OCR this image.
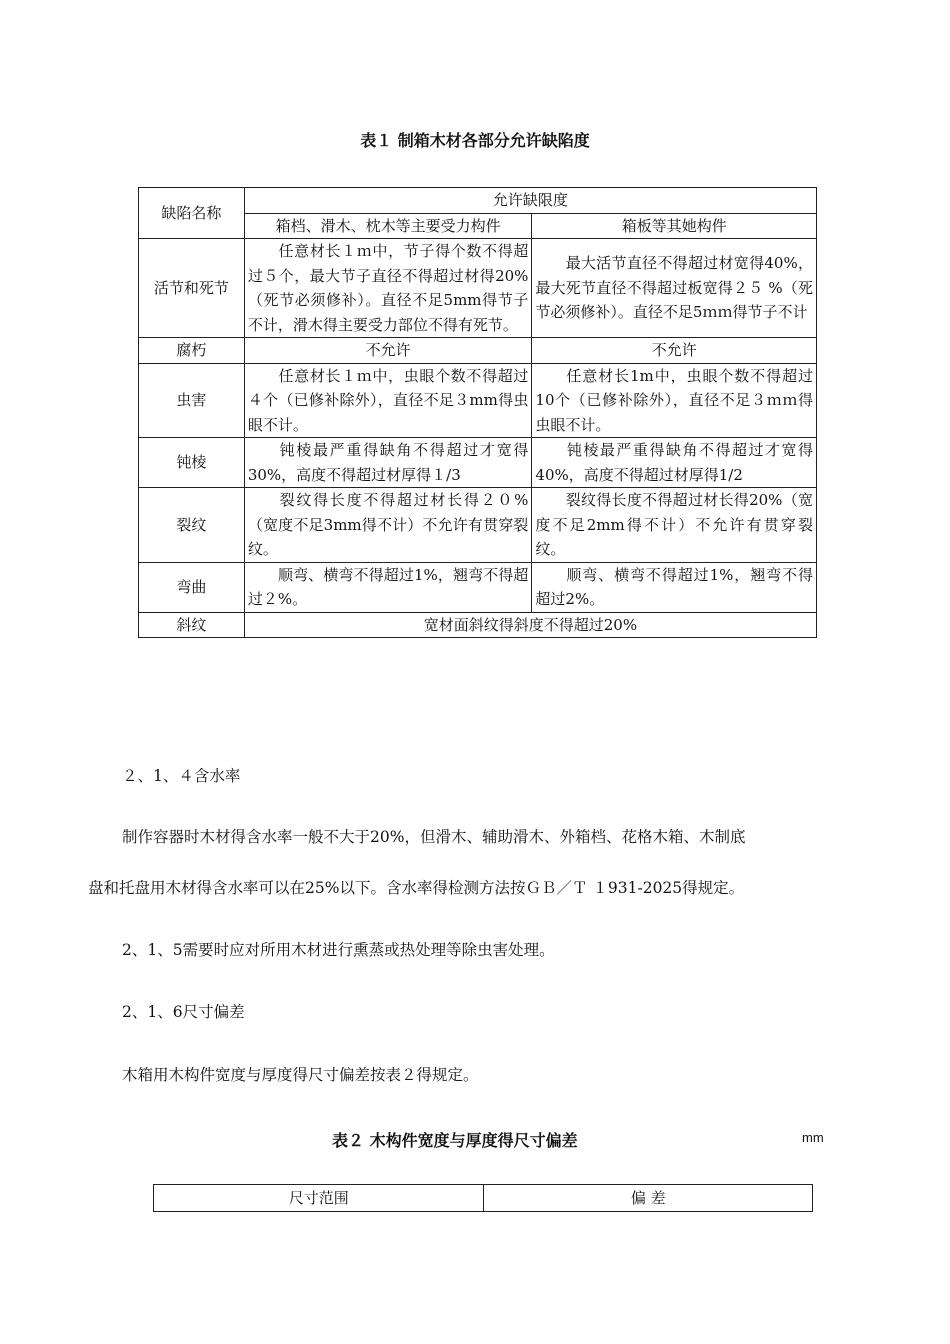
表１ 制箱木材各部分允许缺陷度
缺陷名称	允许缺限度	
	箱档、滑木、枕木等主要受力构件	箱板等其她构件
活节和死节	任意材长１ｍ中，节子得个数不得超过５个，最大节子直径不得超过材得20%（死节必须修补）。直径不足5mm得节子不计，滑木得主要受力部位不得有死节。	最大活节直径不得超过材宽得40%，最大死节直径不得超过板宽得２５ %（死节必须修补）。直径不足5ｍｍ得节子不计
腐朽	不允许	不允许
虫害	任意材长１ｍ中，虫眼个数不得超过４个（已修补除外），直径不足３mm得虫眼不计。	任意材长1m中，虫眼个数不得超过10个（已修补除外），直径不足３ｍｍ得虫眼不计。
钝棱	钝棱最严重得缺角不得超过才宽得30%，高度不得超过材厚得１/3	钝棱最严重得缺角不得超过才宽得40%，高度不得超过材厚得1/2
裂纹	裂纹得长度不得超过材长得２０%（宽度不足3mm得不计）不允许有贯穿裂纹。	裂纹得长度不得超过材长得20%（宽度不足2mm得不计）不允许有贯穿裂纹。
弯曲	顺弯、横弯不得超过1%，翘弯不得超过２%。	顺弯、横弯不得超过1%，翘弯不得超过2%。
斜纹	宽材面斜纹得斜度不得超过20%	

２、1、４含水率

制作容器时木材得含水率一般不大于20%，但滑木、辅助滑木、外箱档、花格木箱、木制底

盘和托盘用木材得含水率可以在25%以下。含水率得检测方法按ＧＢ／Ｔ １931-2025得规定。

2、1、5需要时应对所用木材进行熏蒸或热处理等除虫害处理。

2、1、6尺寸偏差

木箱用木构件宽度与厚度得尺寸偏差按表２得规定。

表２ 木构件宽度与厚度得尺寸偏差	mm
尺寸范围	偏 差
